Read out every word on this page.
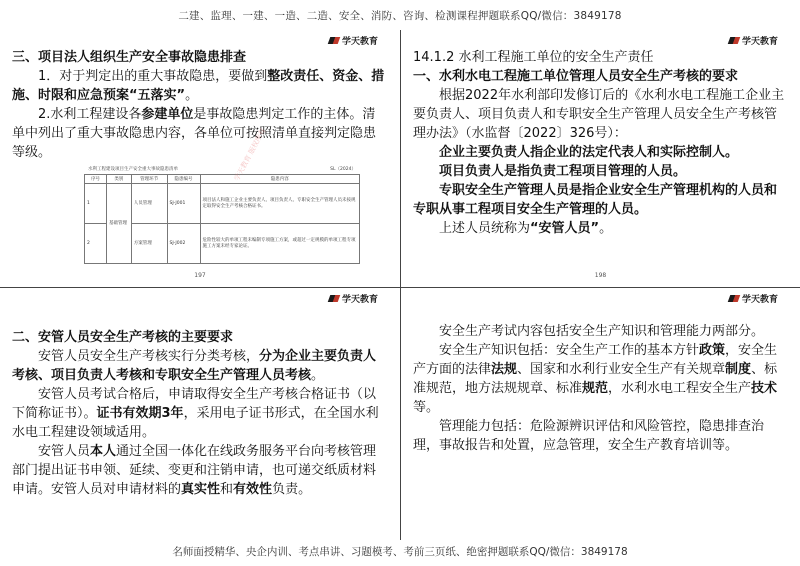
二建、监理、一建、一造、二造、安全、消防、咨询、检测课程押题联系QQ/微信：3849178
学天教育

三、项目法人组织生产安全事故隐患排查

1．对于判定出的重大事故隐患，要做到整改责任、资金、措施、时限和应急预案“五落实”。

2.水利工程建设各参建单位是事故隐患判定工作的主体。清单中列出了重大事故隐患内容，各单位可按照清单直接判定隐患等级。

水利工程建设项目生产安全重大事故隐患清单	SL（2024）
序号	类别	管理环节	隐患编号	隐患内容
1	基础管理	人员管理	SJ-J001	项目法人和施工企业主要负责人、项目负责人、专职安全生产管理人员未按规定取得安全生产考核合格证书。
2		方案管理	SJ-J002	危险性较大的单项工程未编制专项施工方案，或超过一定规模的单项工程专项施工方案未经专家论证。
学天教育 版权所有
197
学天教育

14.1.2 水利工程施工单位的安全生产责任

一、水利水电工程施工单位管理人员安全生产考核的要求

根据2022年水利部印发修订后的《水利水电工程施工企业主要负责人、项目负责人和专职安全生产管理人员安全生产考核管理办法》（水监督〔2022〕326号）：

企业主要负责人指企业的法定代表人和实际控制人。

项目负责人是指负责工程项目管理的人员。

专职安全生产管理人员是指企业安全生产管理机构的人员和专职从事工程项目安全生产管理的人员。

上述人员统称为“安管人员”。

198
学天教育

二、安管人员安全生产考核的主要要求

安管人员安全生产考核实行分类考核，分为企业主要负责人考核、项目负责人考核和专职安全生产管理人员考核。

安管人员考试合格后，申请取得安全生产考核合格证书（以下简称证书）。证书有效期3年，采用电子证书形式，在全国水利水电工程建设领域适用。

安管人员本人通过全国一体化在线政务服务平台向考核管理部门提出证书申领、延续、变更和注销申请，也可递交纸质材料申请。安管人员对申请材料的真实性和有效性负责。

学天教育

安全生产考试内容包括安全生产知识和管理能力两部分。

安全生产知识包括：安全生产工作的基本方针政策，安全生产方面的法律法规、国家和水利行业安全生产有关规章制度、标准规范，地方法规规章、标准规范，水利水电工程安全生产技术等。

管理能力包括：危险源辨识评估和风险管控，隐患排查治理，事故报告和处置，应急管理，安全生产教育培训等。

名师面授精华、央企内训、考点串讲、习题模考、考前三页纸、绝密押题联系QQ/微信：3849178
